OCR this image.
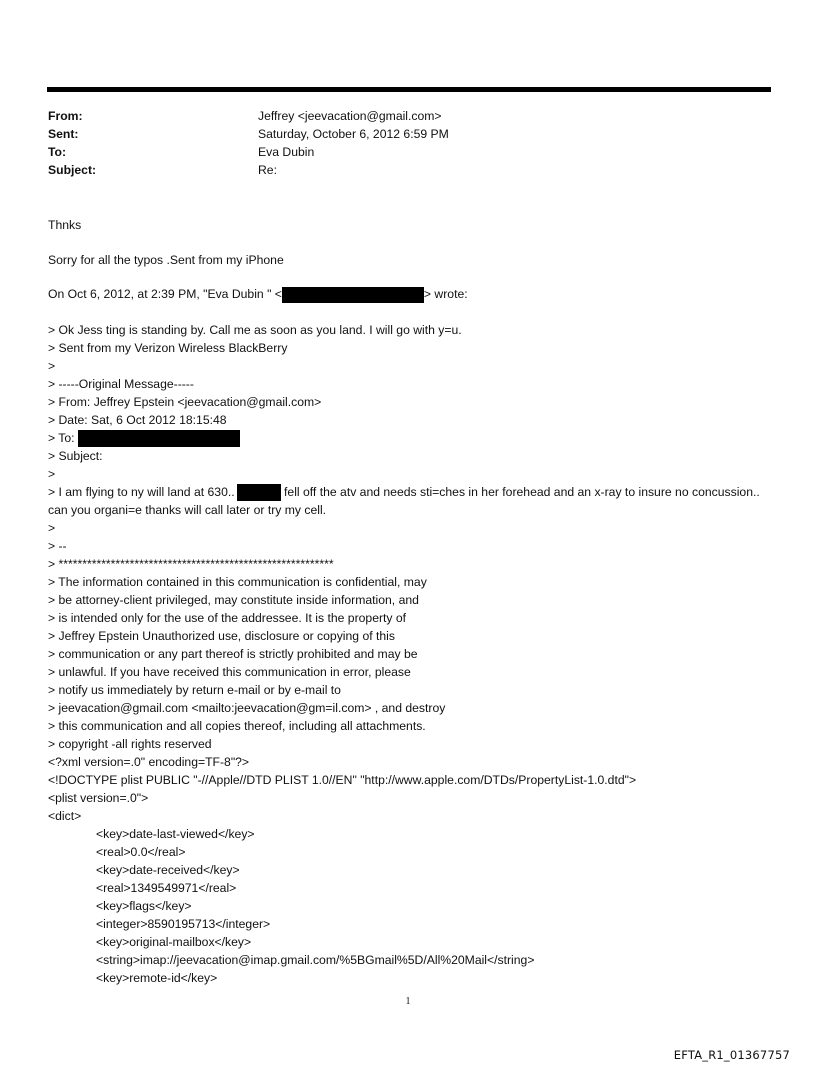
From:	Jeffrey <jeevacation@gmail.com>
Sent:	Saturday, October 6, 2012 6:59 PM
To:	Eva Dubin
Subject:	Re:
Thnks
Sorry for all the typos .Sent from my iPhone
On Oct 6, 2012, at 2:39 PM, "Eva Dubin " <	> wrote:
> Ok Jess ting is standing by. Call me as soon as you land. I will go with y=u.
> Sent from my Verizon Wireless BlackBerry
>
> -----Original Message-----
> From: Jeffrey Epstein <jeevacation@gmail.com>
> Date: Sat, 6 Oct 2012 18:15:48
> To:
> Subject:
>
> I am flying to ny will land at 630..	fell off the atv and needs sti=ches in her forehead and an x-ray to insure no concussion.. can you organi=e thanks will call later or try my cell.
>
> --
> **********************************************************
> The information contained in this communication is confidential, may
> be attorney-client privileged, may constitute inside information, and
> is intended only for the use of the addressee. It is the property of
> Jeffrey Epstein Unauthorized use, disclosure or copying of this
> communication or any part thereof is strictly prohibited and may be
> unlawful. If you have received this communication in error, please
> notify us immediately by return e-mail or by e-mail to
> jeevacation@gmail.com <mailto:jeevacation@gm=il.com> , and destroy
> this communication and all copies thereof, including all attachments.
> copyright -all rights reserved
<?xml version=.0" encoding=TF-8"?>
<!DOCTYPE plist PUBLIC "-//Apple//DTD PLIST 1.0//EN" "http://www.apple.com/DTDs/PropertyList-1.0.dtd">
<plist version=.0">
<dict>
<key>date-last-viewed</key>
<real>0.0</real>
<key>date-received</key>
<real>1349549971</real>
<key>flags</key>
<integer>8590195713</integer>
<key>original-mailbox</key>
<string>imap://jeevacation@imap.gmail.com/%5BGmail%5D/All%20Mail</string>
<key>remote-id</key>
1
EFTA_R1_01367757
